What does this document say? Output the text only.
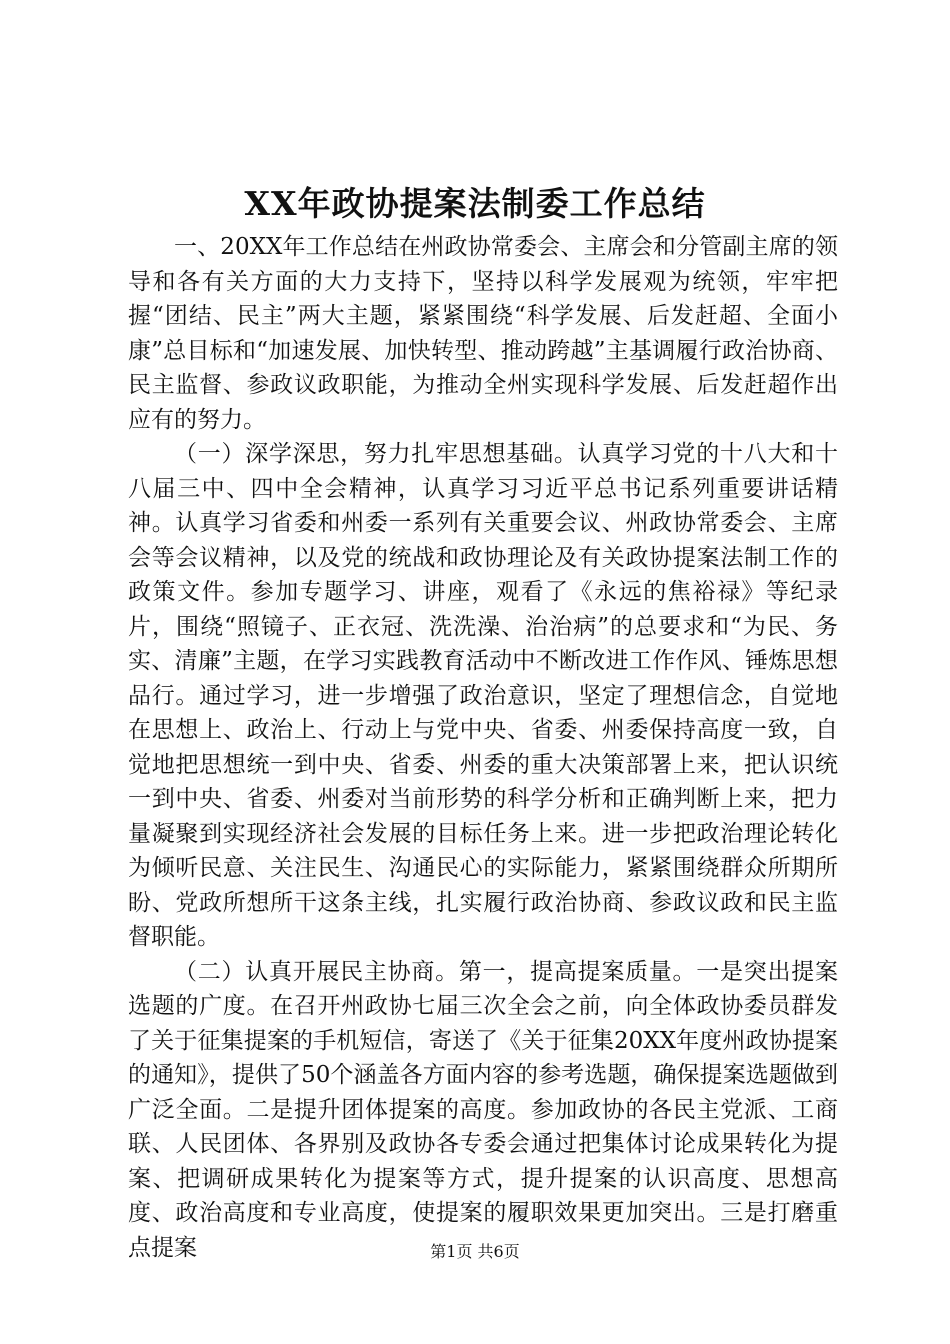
XX年政协提案法制委工作总结

一、20XX年工作总结在州政协常委会、主席会和分管副主席的领导和各有关方面的大力支持下，坚持以科学发展观为统领，牢牢把握“团结、民主”两大主题，紧紧围绕“科学发展、后发赶超、全面小康”总目标和“加速发展、加快转型、推动跨越”主基调履行政治协商、民主监督、参政议政职能，为推动全州实现科学发展、后发赶超作出应有的努力。

（一）深学深思，努力扎牢思想基础。认真学习党的十八大和十八届三中、四中全会精神，认真学习习近平总书记系列重要讲话精神。认真学习省委和州委一系列有关重要会议、州政协常委会、主席会等会议精神，以及党的统战和政协理论及有关政协提案法制工作的政策文件。参加专题学习、讲座，观看了《永远的焦裕禄》等纪录片，围绕“照镜子、正衣冠、洗洗澡、治治病”的总要求和“为民、务实、清廉”主题，在学习实践教育活动中不断改进工作作风、锤炼思想品行。通过学习，进一步增强了政治意识，坚定了理想信念，自觉地在思想上、政治上、行动上与党中央、省委、州委保持高度一致，自觉地把思想统一到中央、省委、州委的重大决策部署上来，把认识统一到中央、省委、州委对当前形势的科学分析和正确判断上来，把力量凝聚到实现经济社会发展的目标任务上来。进一步把政治理论转化为倾听民意、关注民生、沟通民心的实际能力，紧紧围绕群众所期所盼、党政所想所干这条主线，扎实履行政治协商、参政议政和民主监督职能。

（二）认真开展民主协商。第一，提高提案质量。一是突出提案选题的广度。在召开州政协七届三次全会之前，向全体政协委员群发了关于征集提案的手机短信，寄送了《关于征集20XX年度州政协提案的通知》，提供了50个涵盖各方面内容的参考选题，确保提案选题做到广泛全面。二是提升团体提案的高度。参加政协的各民主党派、工商联、人民团体、各界别及政协各专委会通过把集体讨论成果转化为提案、把调研成果转化为提案等方式，提升提案的认识高度、思想高度、政治高度和专业高度，使提案的履职效果更加突出。三是打磨重点提案	第1页 共6页
